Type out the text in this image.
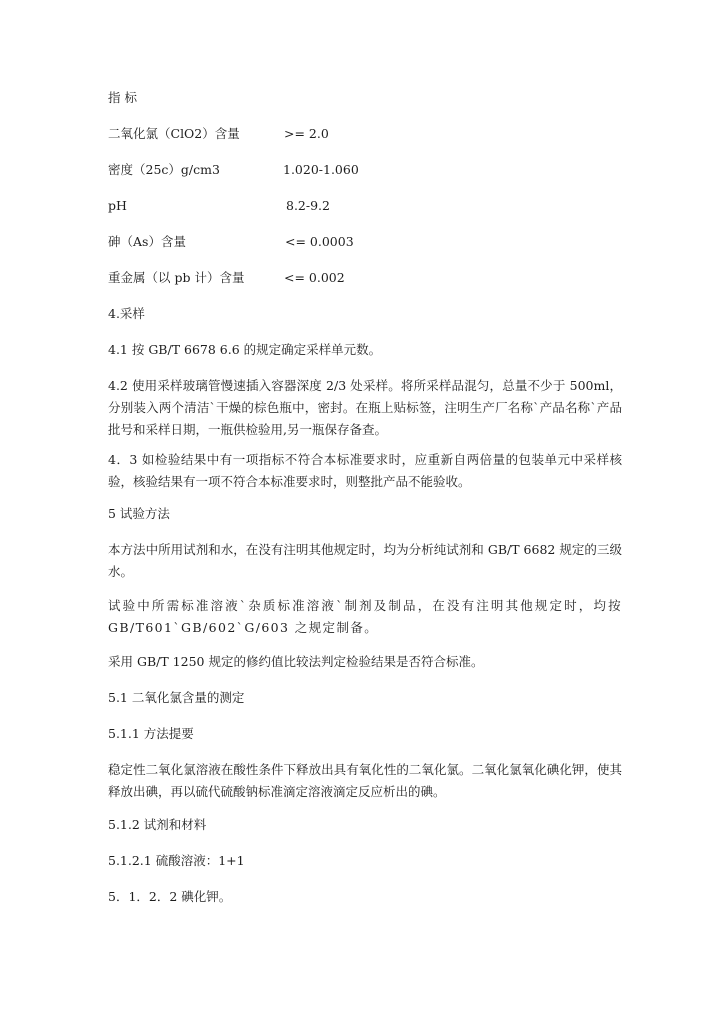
指 标
二氧化氯（ClO2）含量	>= 2.0
密度（25c）g/cm3	1.020-1.060
pH	8.2-9.2
砷（As）含量	<= 0.0003
重金属（以 pb 计）含量	<= 0.002
4.采样
4.1 按 GB/T 6678 6.6 的规定确定采样单元数。
4.2 使用采样玻璃管慢速插入容器深度 2/3 处采样。将所采样品混匀，总量不少于 500ml，分别装入两个清洁`干燥的棕色瓶中，密封。在瓶上贴标签，注明生产厂名称`产品名称`产品批号和采样日期，一瓶供检验用,另一瓶保存备查。
4．3 如检验结果中有一项指标不符合本标准要求时，应重新自两倍量的包装单元中采样核验，核验结果有一项不符合本标准要求时，则整批产品不能验收。
5 试验方法
本方法中所用试剂和水，在没有注明其他规定时，均为分析纯试剂和 GB/T 6682 规定的三级水。
试验中所需标准溶液`杂质标准溶液`制剂及制品，在没有注明其他规定时，均按 GB/T601`GB/602`G/603 之规定制备。
采用 GB/T 1250 规定的修约值比较法判定检验结果是否符合标准。
5.1 二氧化氯含量的测定
5.1.1 方法提要
稳定性二氧化氯溶液在酸性条件下释放出具有氧化性的二氧化氯。二氧化氯氧化碘化钾，使其释放出碘，再以硫代硫酸钠标准滴定溶液滴定反应析出的碘。
5.1.2 试剂和材料
5.1.2.1 硫酸溶液：1+1
5．1．2．2 碘化钾。
